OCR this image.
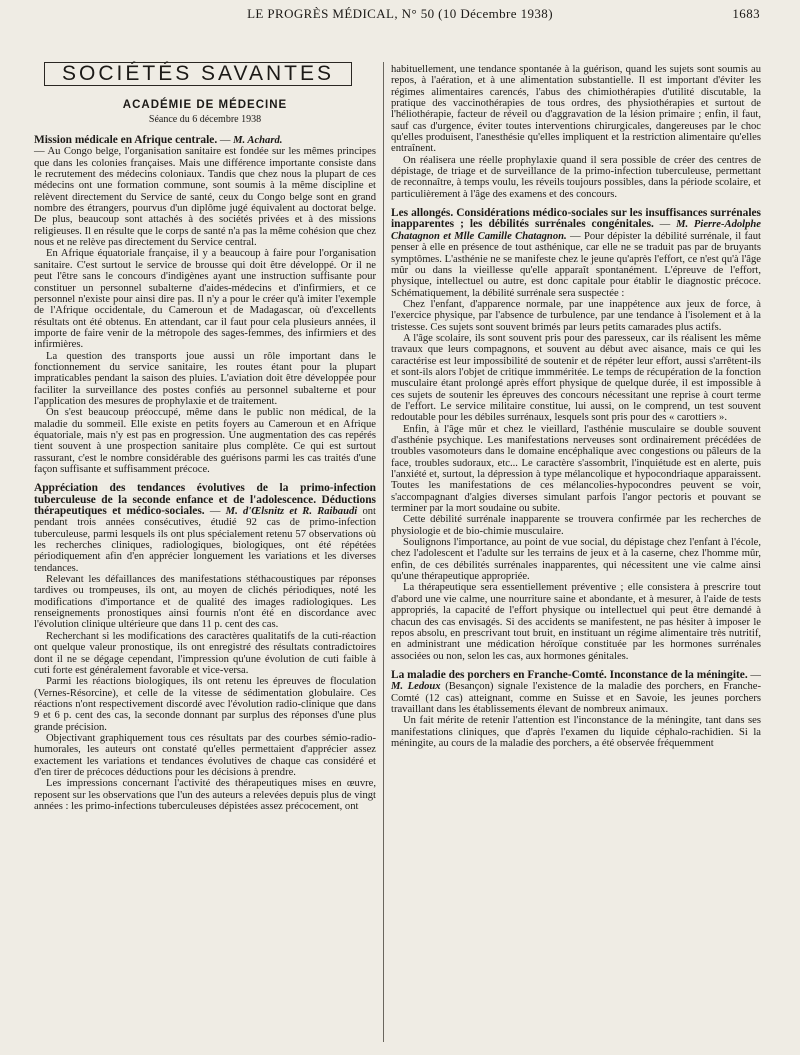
LE PROGRÈS MÉDICAL, N° 50 (10 Décembre 1938)	1683
SOCIÉTÉS SAVANTES
ACADÉMIE DE MÉDECINE
Séance du 6 décembre 1938

Mission médicale en Afrique centrale. — M. Achard.

— Au Congo belge, l'organisation sanitaire est fondée sur les mêmes principes que dans les colonies françaises. Mais une différence importante consiste dans le recrutement des médecins coloniaux. Tandis que chez nous la plupart de ces médecins ont une formation commune, sont soumis à la même discipline et relèvent directement du Service de santé, ceux du Congo belge sont en grand nombre des étrangers, pourvus d'un diplôme jugé équivalent au doctorat belge. De plus, beaucoup sont attachés à des sociétés privées et à des missions religieuses. Il en résulte que le corps de santé n'a pas la même cohésion que chez nous et ne relève pas directement du Service central.

En Afrique équatoriale française, il y a beaucoup à faire pour l'organisation sanitaire. C'est surtout le service de brousse qui doit être développé. Or il ne peut l'être sans le concours d'indigènes ayant une instruction suffisante pour constituer un personnel subalterne d'aides-médecins et d'infirmiers, et ce personnel n'existe pour ainsi dire pas. Il n'y a pour le créer qu'à imiter l'exemple de l'Afrique occidentale, du Cameroun et de Madagascar, où d'excellents résultats ont été obtenus. En attendant, car il faut pour cela plusieurs années, il importe de faire venir de la métropole des sages-femmes, des infirmiers et des infirmières.

La question des transports joue aussi un rôle important dans le fonctionnement du service sanitaire, les routes étant pour la plupart impraticables pendant la saison des pluies. L'aviation doit être développée pour faciliter la surveillance des postes confiés au personnel subalterne et pour l'application des mesures de prophylaxie et de traitement.

On s'est beaucoup préoccupé, même dans le public non médical, de la maladie du sommeil. Elle existe en petits foyers au Cameroun et en Afrique équatoriale, mais n'y est pas en progression. Une augmentation des cas repérés tient souvent à une prospection sanitaire plus complète. Ce qui est surtout rassurant, c'est le nombre considérable des guérisons parmi les cas traités d'une façon suffisante et suffisamment précoce.

Appréciation des tendances évolutives de la primo-infection tuberculeuse de la seconde enfance et de l'adolescence. Déductions thérapeutiques et médico-sociales. — M. d'Œlsnitz et R. Raibaudi ont pendant trois années consécutives, étudié 92 cas de primo-infection tuberculeuse, parmi lesquels ils ont plus spécialement retenu 57 observations où les recherches cliniques, radiologiques, biologiques, ont été répétées périodiquement afin d'en apprécier longuement les variations et les diverses tendances.

Relevant les défaillances des manifestations stéthacoustiques par réponses tardives ou trompeuses, ils ont, au moyen de clichés périodiques, noté les modifications d'importance et de qualité des images radiologiques. Les renseignements pronostiques ainsi fournis n'ont été en discordance avec l'évolution clinique ultérieure que dans 11 p. cent des cas.

Recherchant si les modifications des caractères qualitatifs de la cuti-réaction ont quelque valeur pronostique, ils ont enregistré des résultats contradictoires dont il ne se dégage cependant, l'impression qu'une évolution de cuti faible à cuti forte est généralement favorable et vice-versa.

Parmi les réactions biologiques, ils ont retenu les épreuves de floculation (Vernes-Résorcine), et celle de la vitesse de sédimentation globulaire. Ces réactions n'ont respectivement discordé avec l'évolution radio-clinique que dans 9 et 6 p. cent des cas, la seconde donnant par surplus des réponses d'une plus grande précision.

Objectivant graphiquement tous ces résultats par des courbes sémio-radio-humorales, les auteurs ont constaté qu'elles permettaient d'apprécier assez exactement les variations et tendances évolutives de chaque cas considéré et d'en tirer de précoces déductions pour les décisions à prendre.

Les impressions concernant l'activité des thérapeutiques mises en œuvre, reposent sur les observations que l'un des auteurs a relevées depuis plus de vingt années : les primo-infections tuberculeuses dépistées assez précocement, ont

habituellement, une tendance spontanée à la guérison, quand les sujets sont soumis au repos, à l'aération, et à une alimentation substantielle. Il est important d'éviter les régimes alimentaires carencés, l'abus des chimiothérapies d'utilité discutable, la pratique des vaccinothérapies de tous ordres, des physiothérapies et surtout de l'héliothérapie, facteur de réveil ou d'aggravation de la lésion primaire ; enfin, il faut, sauf cas d'urgence, éviter toutes interventions chirurgicales, dangereuses par le choc qu'elles produisent, l'anesthésie qu'elles impliquent et la restriction alimentaire qu'elles entraînent.

On réalisera une réelle prophylaxie quand il sera possible de créer des centres de dépistage, de triage et de surveillance de la primo-infection tuberculeuse, permettant de reconnaître, à temps voulu, les réveils toujours possibles, dans la période scolaire, et particulièrement à l'âge des examens et des concours.

Les allongés. Considérations médico-sociales sur les insuffisances surrénales inapparentes ; les débilités surrénales congénitales. — M. Pierre-Adolphe Chatagnon et Mlle Camille Chatagnon. — Pour dépister la débilité surrénale, il faut penser à elle en présence de tout asthénique, car elle ne se traduit pas par de bruyants symptômes. L'asthénie ne se manifeste chez le jeune qu'après l'effort, ce n'est qu'à l'âge mûr ou dans la vieillesse qu'elle apparaît spontanément. L'épreuve de l'effort, physique, intellectuel ou autre, est donc capitale pour établir le diagnostic précoce. Schématiquement, la débilité surrénale sera suspectée :

Chez l'enfant, d'apparence normale, par une inappétence aux jeux de force, à l'exercice physique, par l'absence de turbulence, par une tendance à l'isolement et à la tristesse. Ces sujets sont souvent brimés par leurs petits camarades plus actifs.

A l'âge scolaire, ils sont souvent pris pour des paresseux, car ils réalisent les même travaux que leurs compagnons, et souvent au début avec aisance, mais ce qui les caractérise est leur impossibilité de soutenir et de répéter leur effort, aussi s'arrêtent-ils et sont-ils alors l'objet de critique immméritée. Le temps de récupération de la fonction musculaire étant prolongé après effort physique de quelque durée, il est impossible à ces sujets de soutenir les épreuves des concours nécessitant une reprise à court terme de l'effort. Le service militaire constitue, lui aussi, on le comprend, un test souvent redoutable pour les débiles surrénaux, lesquels sont pris pour des « carottiers ».

Enfin, à l'âge mûr et chez le vieillard, l'asthénie musculaire se double souvent d'asthénie psychique. Les manifestations nerveuses sont ordinairement précédées de troubles vasomoteurs dans le domaine encéphalique avec congestions ou pâleurs de la face, troubles sudoraux, etc... Le caractère s'assombrit, l'inquiétude est en alerte, puis l'anxiété et, surtout, la dépression à type mélancolique et hypocondriaque apparaissent. Toutes les manifestations de ces mélancolies-hypocondres peuvent se voir, s'accompagnant d'algies diverses simulant parfois l'angor pectoris et pouvant se terminer par la mort soudaine ou subite.

Cette débilité surrénale inapparente se trouvera confirmée par les recherches de physiologie et de bio-chimie musculaire.

Soulignons l'importance, au point de vue social, du dépistage chez l'enfant à l'école, chez l'adolescent et l'adulte sur les terrains de jeux et à la caserne, chez l'homme mûr, enfin, de ces débilités surrénales inapparentes, qui nécessitent une vie calme ainsi qu'une thérapeutique appropriée.

La thérapeutique sera essentiellement préventive ; elle consistera à prescrire tout d'abord une vie calme, une nourriture saine et abondante, et à mesurer, à l'aide de tests appropriés, la capacité de l'effort physique ou intellectuel qui peut être demandé à chacun des cas envisagés. Si des accidents se manifestent, ne pas hésiter à imposer le repos absolu, en prescrivant tout bruit, en instituant un régime alimentaire très nutritif, en administrant une médication héroïque constituée par les hormones surrénales associées ou non, selon les cas, aux hormones génitales.

La maladie des porchers en Franche-Comté. Inconstance de la méningite. — M. Ledoux (Besançon) signale l'existence de la maladie des porchers, en Franche-Comté (12 cas) atteignant, comme en Suisse et en Savoie, les jeunes porchers travaillant dans les établissements élevant de nombreux animaux.

Un fait mérite de retenir l'attention est l'inconstance de la méningite, tant dans ses manifestations cliniques, que d'après l'examen du liquide céphalo-rachidien. Si la méningite, au cours de la maladie des porchers, a été observée fréquemment
